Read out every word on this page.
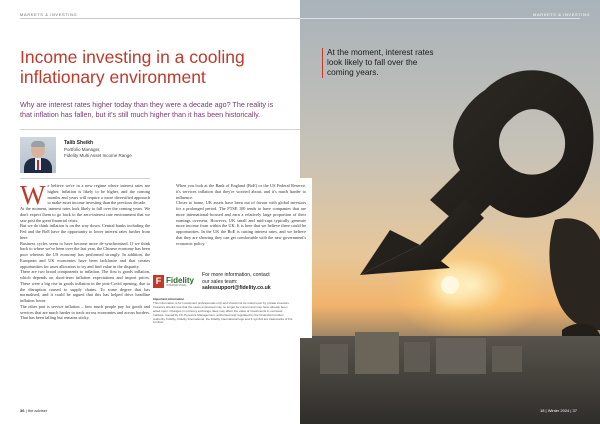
MARKETS & INVESTING
Income investing in a cooling inflationary environment

Why are interest rates higher today than they were a decade ago? The reality is that inflation has fallen, but it's still much higher than it has been historically.

Talib Sheikh
Portfolio Manager,
Fidelity Multi Asset Income Range
W e believe we're in a new regime where interest rates are higher, inflation is likely to be higher, and the coming months and years will require a more diversified approach to make-asset income investing than the previous decade.

At the moment, interest rates look likely to fall over the coming years. We don't expect them to go back to the zero-interest rate environment that we saw post the great financial crisis.

But we do think inflation is on the way down. Central banks including the Fed and the BoE have the opportunity to lower interest rates further from here.

Business cycles seem to have become more de-synchronised. If we think back to where we've been over the last year, the Chinese economy has been poor whereas the US economy has performed strongly. In addition, the European and UK economies have been lacklustre and that creates opportunities for asset allocators to try and find value in the disparity.

There are two broad components to inflation. The first is goods inflation, which depends on short-term inflation expectations and import prices. These were a big rise in goods inflation in the post-Covid opening, due to the disruption caused to supply chains. To some degree that has normalised, and it could be argued that this has helped drive headline inflation lower.

The other part is service inflation – how much people pay for goods and services that are much harder to track across economies and across borders. That has been falling but remains sticky.

36 | the adviser
MARKETS & INVESTING

At the moment, interest rates look likely to fall over the coming years.

18 | Winter 2024 | 37

When you look at the Bank of England (BoE) or the US Federal Reserve, it's services inflation that they're worried about, and it's much harder to influence.

Closer to home, UK assets have been out of favour with global investors for a prolonged period. The FTSE 100 tends to have companies that are more international-focused and earn a relatively large proportion of their earnings overseas. However, UK small and mid-caps typically generate more income from within the UK. It is here that we believe there could be opportunities. In the UK the BoE is cutting interest rates, and we believe that they are showing they can get comfortable with the new government's economic policy.

F Fidelity
INTERNATIONAL
For more information, contact
our sales team:
salessupport@fidelity.co.uk
Important information
This information is for investment professionals only and should not be relied upon by private investors. Investors should note that the views expressed may no longer be current and may have already been acted upon. Changes in currency exchange rates may affect the value of investments in overseas markets. Issued by FIL Pensions Management, authorised and regulated by the Financial Conduct Authority. Fidelity, Fidelity International, the Fidelity International logo and F symbol are trademarks of FIL Limited.
